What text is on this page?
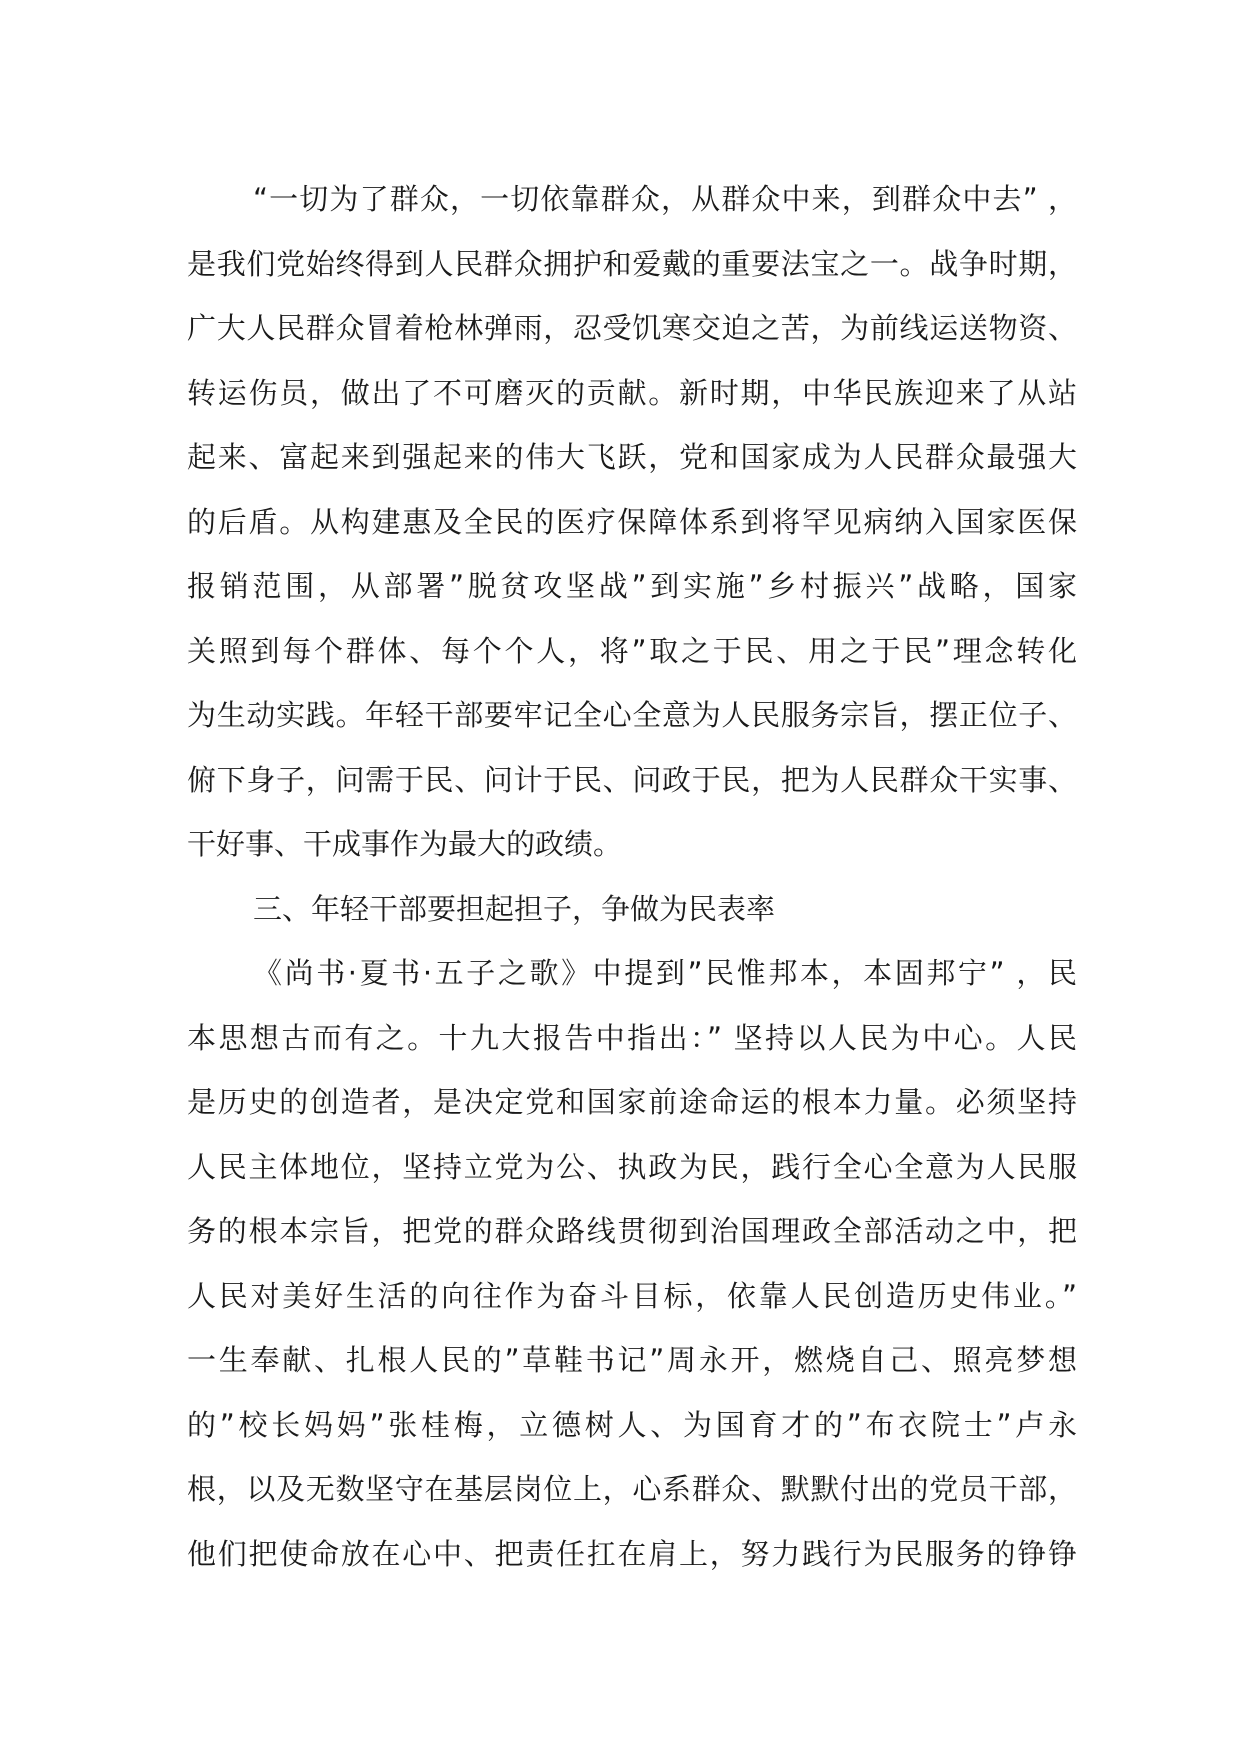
“一切为了群众，一切依靠群众，从群众中来，到群众中去” ，
是我们党始终得到人民群众拥护和爱戴的重要法宝之一。战争时期，
广大人民群众冒着枪林弹雨，忍受饥寒交迫之苦，为前线运送物资、
转运伤员，做出了不可磨灭的贡献。新时期，中华民族迎来了从站
起来、富起来到强起来的伟大飞跃，党和国家成为人民群众最强大
的后盾。从构建惠及全民的医疗保障体系到将罕见病纳入国家医保
报销范围，从部署”脱贫攻坚战”到实施”乡村振兴”战略，国家
关照到每个群体、每个个人，将”取之于民、用之于民”理念转化
为生动实践。年轻干部要牢记全心全意为人民服务宗旨，摆正位子、
俯下身子，问需于民、问计于民、问政于民，把为人民群众干实事、
干好事、干成事作为最大的政绩。
三、年轻干部要担起担子，争做为民表率
《尚书·夏书·五子之歌》中提到”民惟邦本，本固邦宁” ，民
本思想古而有之。十九大报告中指出：” 坚持以人民为中心。人民
是历史的创造者，是决定党和国家前途命运的根本力量。必须坚持
人民主体地位，坚持立党为公、执政为民，践行全心全意为人民服
务的根本宗旨，把党的群众路线贯彻到治国理政全部活动之中，把
人民对美好生活的向往作为奋斗目标，依靠人民创造历史伟业。”
一生奉献、扎根人民的”草鞋书记”周永开，燃烧自己、照亮梦想
的”校长妈妈”张桂梅，立德树人、为国育才的”布衣院士”卢永
根，以及无数坚守在基层岗位上，心系群众、默默付出的党员干部，
他们把使命放在心中、把责任扛在肩上，努力践行为民服务的铮铮
